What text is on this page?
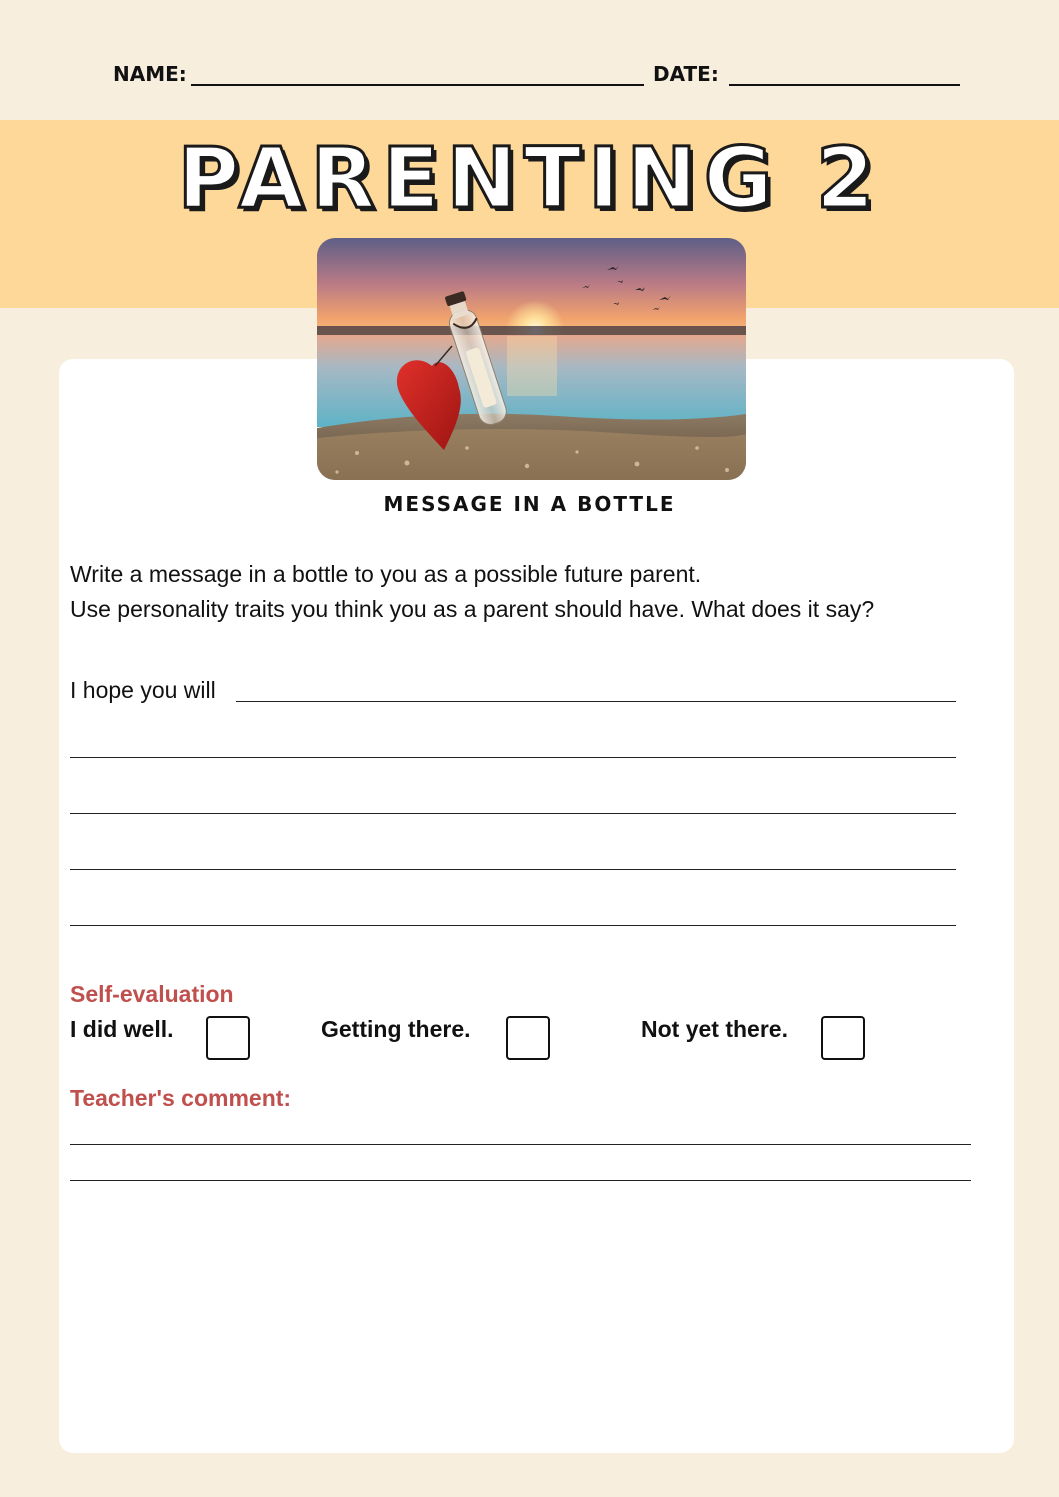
NAME:	DATE:
PARENTING 2
MESSAGE IN A BOTTLE
Write a message in a bottle to you as a possible future parent.
Use personality traits you think you as a parent should have. What does it say?
I hope you will
Self-evaluation
I did well.	Getting there.	Not yet there.
Teacher's comment:
